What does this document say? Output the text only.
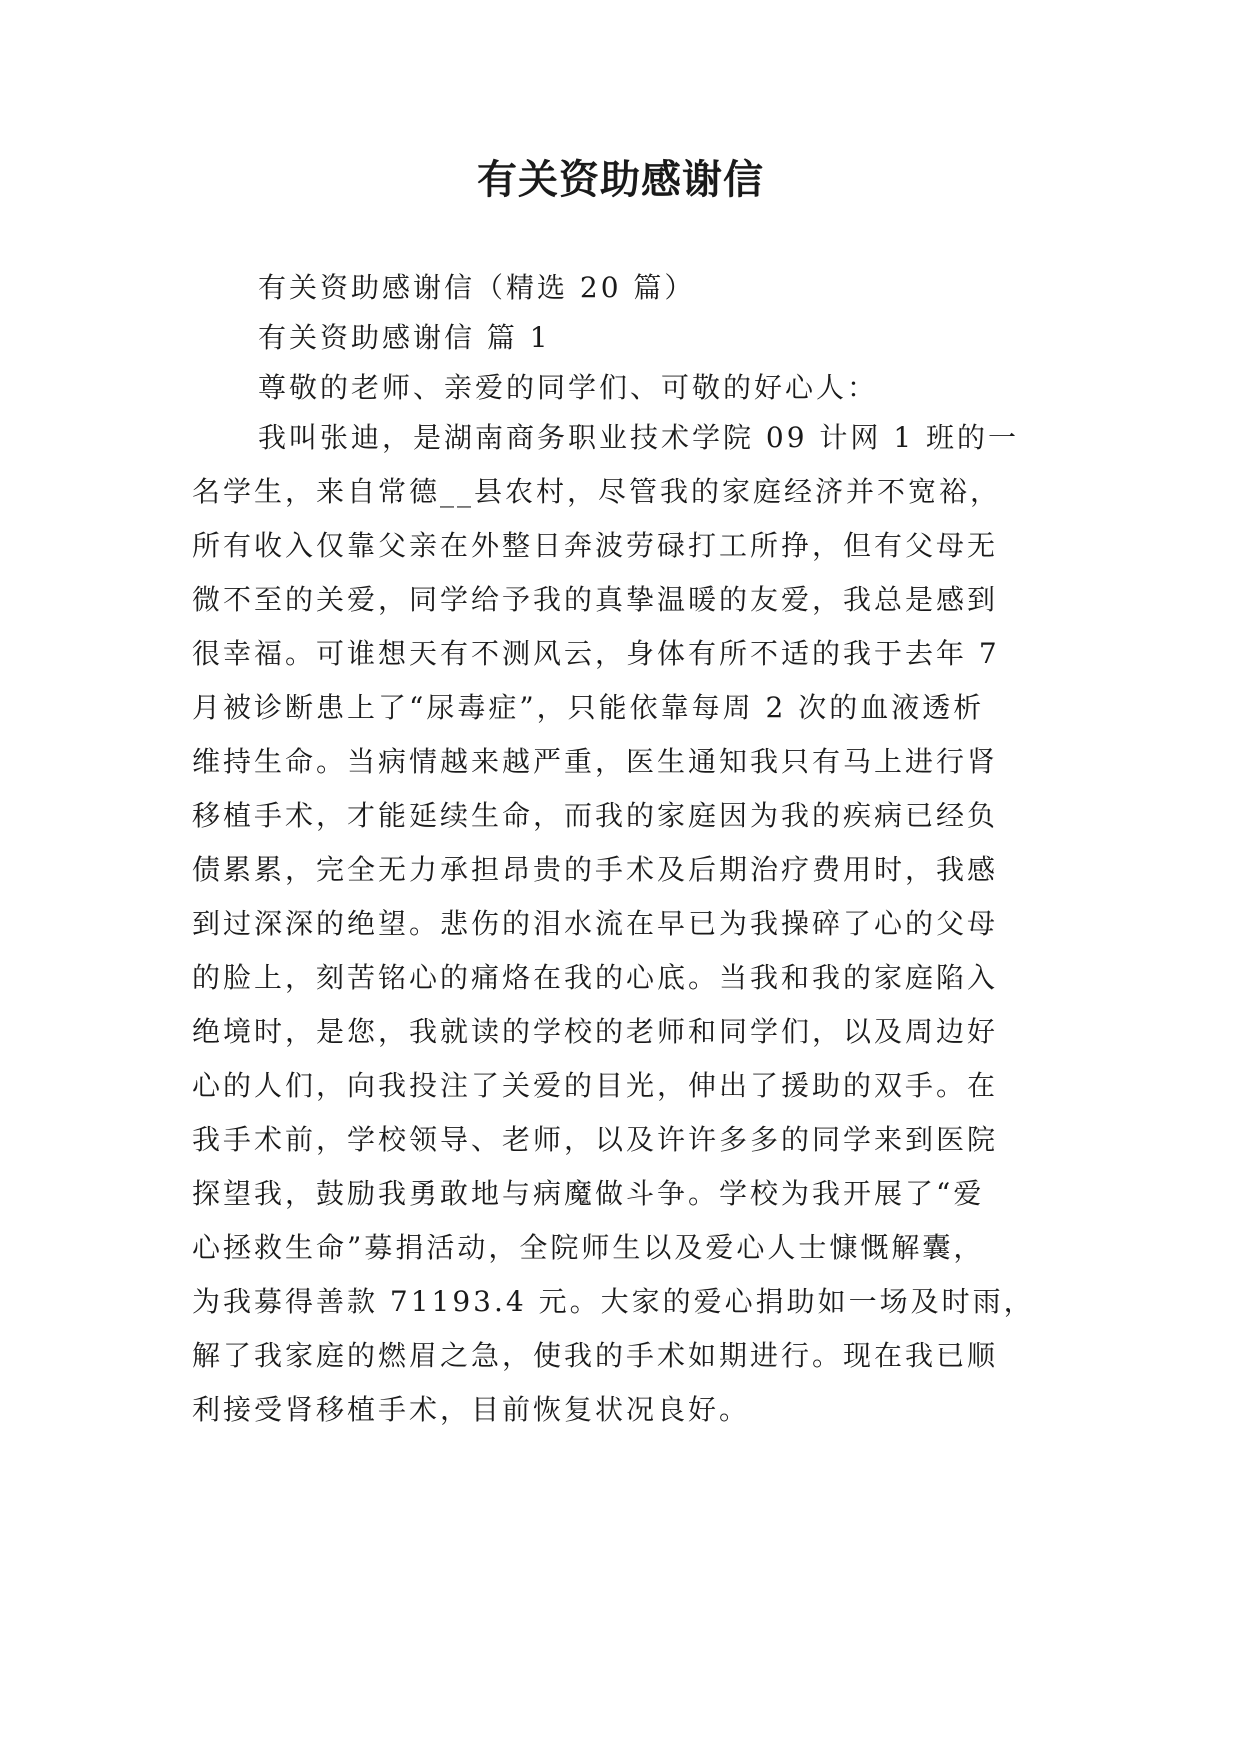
有关资助感谢信

有关资助感谢信（精选 20 篇）

有关资助感谢信 篇 1

尊敬的老师、亲爱的同学们、可敬的好心人：

我叫张迪，是湖南商务职业技术学院 09 计网 1 班的一
名学生，来自常德__县农村，尽管我的家庭经济并不宽裕，
所有收入仅靠父亲在外整日奔波劳碌打工所挣，但有父母无
微不至的关爱，同学给予我的真挚温暖的友爱，我总是感到
很幸福。可谁想天有不测风云，身体有所不适的我于去年 7
月被诊断患上了“尿毒症”，只能依靠每周 2 次的血液透析
维持生命。当病情越来越严重，医生通知我只有马上进行肾
移植手术，才能延续生命，而我的家庭因为我的疾病已经负
债累累，完全无力承担昂贵的手术及后期治疗费用时，我感
到过深深的绝望。悲伤的泪水流在早已为我操碎了心的父母
的脸上，刻苦铭心的痛烙在我的心底。当我和我的家庭陷入
绝境时，是您，我就读的学校的老师和同学们，以及周边好
心的人们，向我投注了关爱的目光，伸出了援助的双手。在
我手术前，学校领导、老师，以及许许多多的同学来到医院
探望我，鼓励我勇敢地与病魔做斗争。学校为我开展了“爱
心拯救生命”募捐活动，全院师生以及爱心人士慷慨解囊，
为我募得善款 71193.4 元。大家的爱心捐助如一场及时雨，
解了我家庭的燃眉之急，使我的手术如期进行。现在我已顺
利接受肾移植手术，目前恢复状况良好。
